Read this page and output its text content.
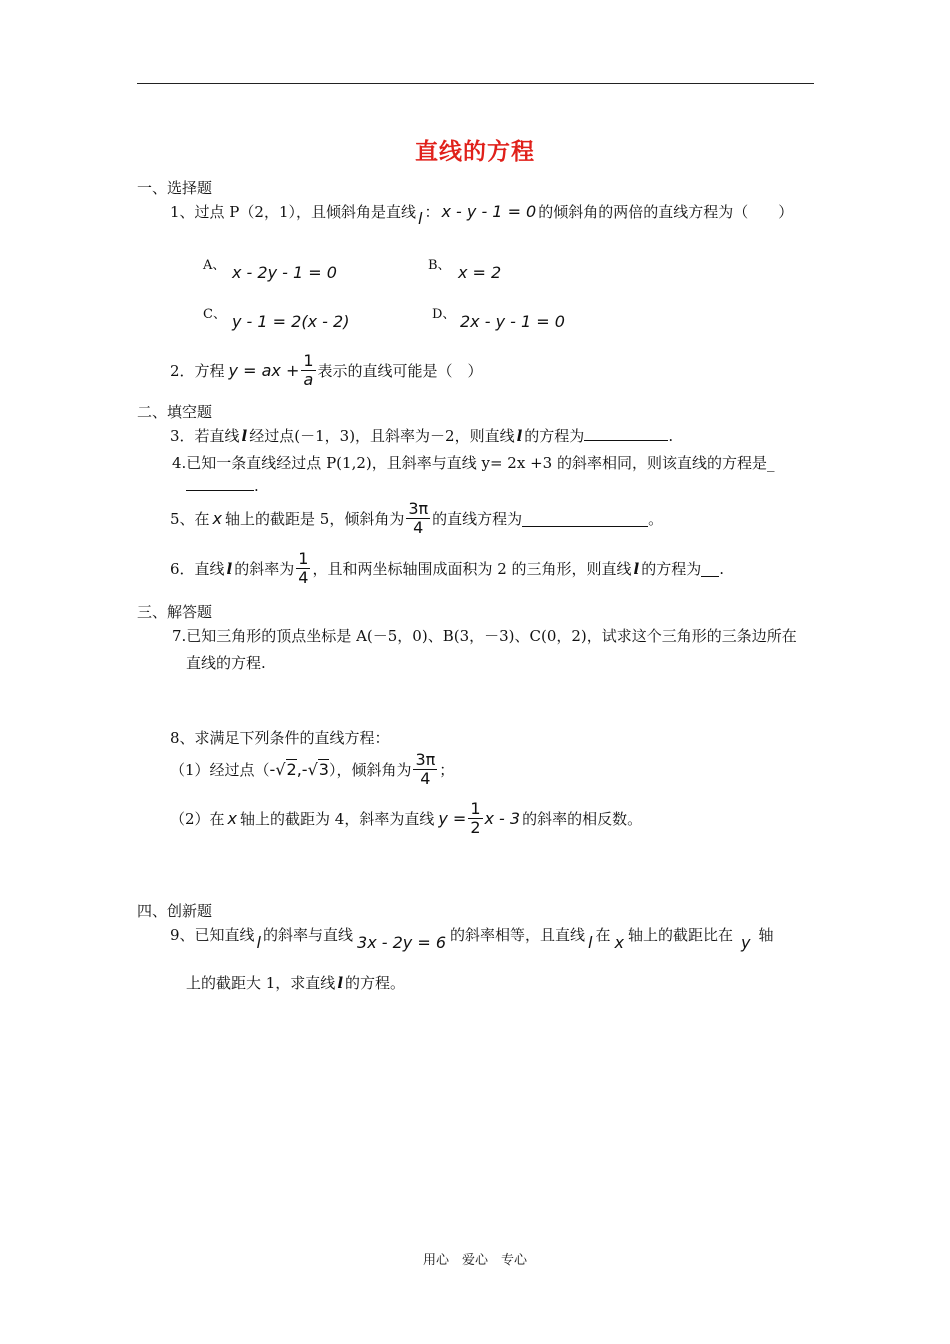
直线的方程
一、选择题
1、过点 P（2，1），且倾斜角是直线 l ： x - y - 1 = 0 的倾斜角的两倍的直线方程为（　　）
A、 x - 2y - 1 = 0	B、 x = 2
C、 y - 1 = 2(x - 2)	D、 2x - y - 1 = 0
2．方程 y = ax + $\frac{1}{a}$ 表示的直线可能是（　）
二、填空题
3．若直线 l 经过点(－1，3)，且斜率为－2，则直线 l 的方程为	.
4.已知一条直线经过点 P(1,2)，且斜率与直线 y= 2x +3 的斜率相同，则该直线的方程是_
.
5、在 x 轴上的截距是 5，倾斜角为 $\frac{3\pi}{4}$ 的直线方程为	。
6．直线 l 的斜率为 $\frac{1}{4}$ ，且和两坐标轴围成面积为 2 的三角形，则直线 l 的方程为 .
三、解答题
7.已知三角形的顶点坐标是 A(－5，0)、B(3，－3)、C(0，2)，试求这个三角形的三条边所在
直线的方程.
8、求满足下列条件的直线方程：
（1）经过点（ - √2 ,- √3 ），倾斜角为 $\frac{3\pi}{4}$ ；
（2）在 x 轴上的截距为 4，斜率为直线 $y = \frac{1}{2}$ x - 3 的斜率的相反数。
四、创新题
9、已知直线 l 的斜率与直线 3x - 2y = 6 的斜率相等，且直线 l 在 x 轴上的截距比在 y 轴
上的截距大 1，求直线 l 的方程。
用心　爱心　专心
